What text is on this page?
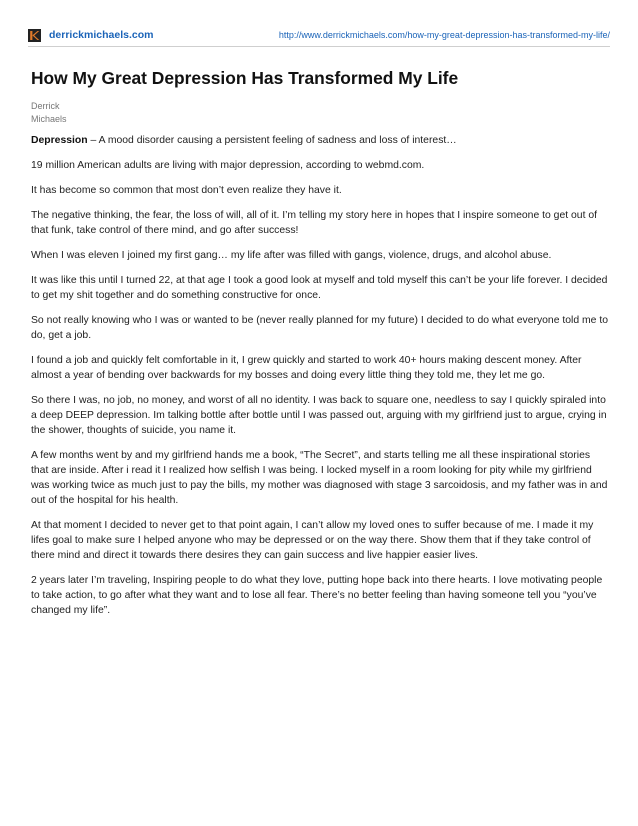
derrickmichaels.com	http://www.derrickmichaels.com/how-my-great-depression-has-transformed-my-life/
How My Great Depression Has Transformed My Life
Derrick Michaels

Depression – A mood disorder causing a persistent feeling of sadness and loss of interest…

19 million American adults are living with major depression, according to webmd.com.

It has become so common that most don’t even realize they have it.

The negative thinking, the fear, the loss of will, all of it. I’m telling my story here in hopes that I inspire someone to get out of that funk, take control of there mind, and go after success!

When I was eleven I joined my first gang… my life after was filled with gangs, violence, drugs, and alcohol abuse.

It was like this until I turned 22, at that age I took a good look at myself and told myself this can’t be your life forever. I decided to get my shit together and do something constructive for once.

So not really knowing who I was or wanted to be (never really planned for my future) I decided to do what everyone told me to do, get a job.

I found a job and quickly felt comfortable in it, I grew quickly and started to work 40+ hours making descent money. After almost a year of bending over backwards for my bosses and doing every little thing they told me, they let me go.

So there I was, no job, no money, and worst of all no identity. I was back to square one, needless to say I quickly spiraled into a deep DEEP depression. Im talking bottle after bottle until I was passed out, arguing with my girlfriend just to argue, crying in the shower, thoughts of suicide, you name it.

A few months went by and my girlfriend hands me a book, “The Secret”, and starts telling me all these inspirational stories that are inside. After i read it I realized how selfish I was being. I locked myself in a room looking for pity while my girlfriend was working twice as much just to pay the bills, my mother was diagnosed with stage 3 sarcoidosis, and my father was in and out of the hospital for his health.

At that moment I decided to never get to that point again, I can’t allow my loved ones to suffer because of me. I made it my lifes goal to make sure I helped anyone who may be depressed or on the way there. Show them that if they take control of there mind and direct it towards there desires they can gain success and live happier easier lives.

2 years later I’m traveling, Inspiring people to do what they love, putting hope back into there hearts. I love motivating people to take action, to go after what they want and to lose all fear. There’s no better feeling than having someone tell you “you’ve changed my life”.
